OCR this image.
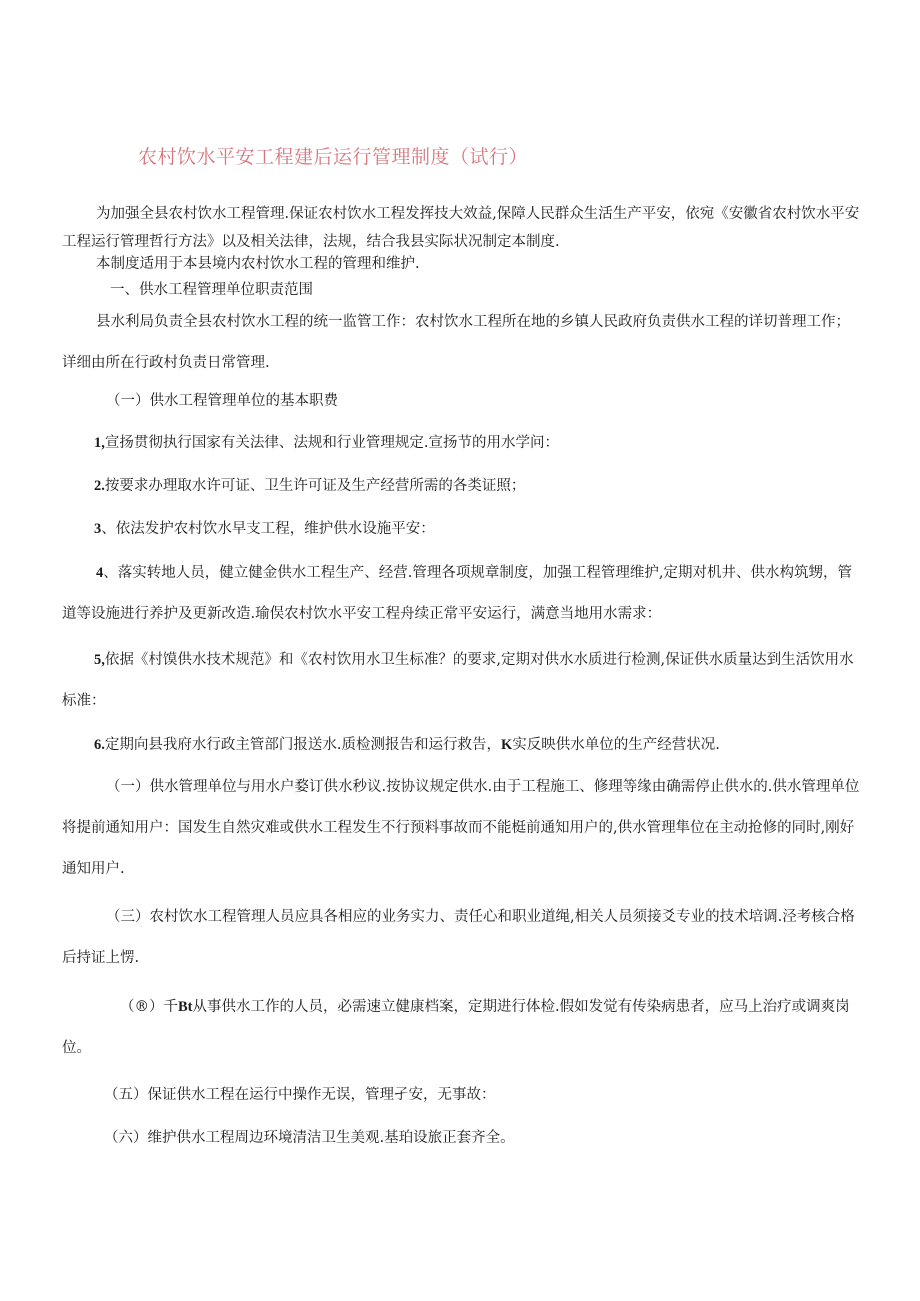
农村饮水平安工程建后运行管理制度（试行）

为加强全县农村饮水工程管理.保证农村饮水工程发挥技大效益,保障人民群众生活生产平安，依宛《安徽省农村饮水平安工程运行管理哲行方法》以及相关法律，法规，结合我县实际状况制定本制度.

本制度适用于本县境内农村饮水工程的管理和维护.

一、供水工程管理单位职责范围

县水利局负责全县农村饮水工程的统一监管工作：农村饮水工程所在地的乡镇人民政府负责供水工程的详切普理工作；详细由所在行政村负责日常管理.

（一）供水工程管理单位的基本职费

1,宣扬贯彻执行国家有关法律、法规和行业管理规定.宣扬节的用水学问：

2.按要求办理取水许可证、卫生许可证及生产经营所需的各类证照；

3、依法发护农村饮水早支工程，维护供水设施平安：

4、落实转地人员，健立健金供水工程生产、经营.管理各项规章制度，加强工程管理维护,定期对机井、供水构筑甥，管道等设施进行养护及更新改造.瑜俣农村饮水平安工程舟续正常平安运行，满意当地用水需求：

5,依据《村馍供水技术规范》和《农村饮用水卫生标准？的要求,定期对供水水质进行检测,保证供水质量达到生活饮用水标准：

6.定期向县我府水行政主管部门报送水.质检测报告和运行救告，K实反映供水单位的生产经营状况.

（一）供水管理单位与用水户婺订供水秒议.按协议规定供水.由于工程施工、修理等缘由确需停止供水的.供水管理单位将提前通知用户：国发生自然灾难或供水工程发生不行预料事故而不能梃前通知用户的,供水管理隼位在主动抢修的同时,刚好通知用户.

（三）农村饮水工程管理人员应具各相应的业务实力、责任心和职业道绳,相关人员须接爻专业的技术培调.泾考核合格后持证上愣.

（®）千Bt从事供水工作的人员，必需速立健康档案，定期进行体检.假如发觉有传染病患者，应马上治疗或调爽岗位。

（五）保证供水工程在运行中操作无误，管理孑安，无事故：

（六）维护供水工程周边环境清洁卫生美观.基珀设旅正套齐全。
